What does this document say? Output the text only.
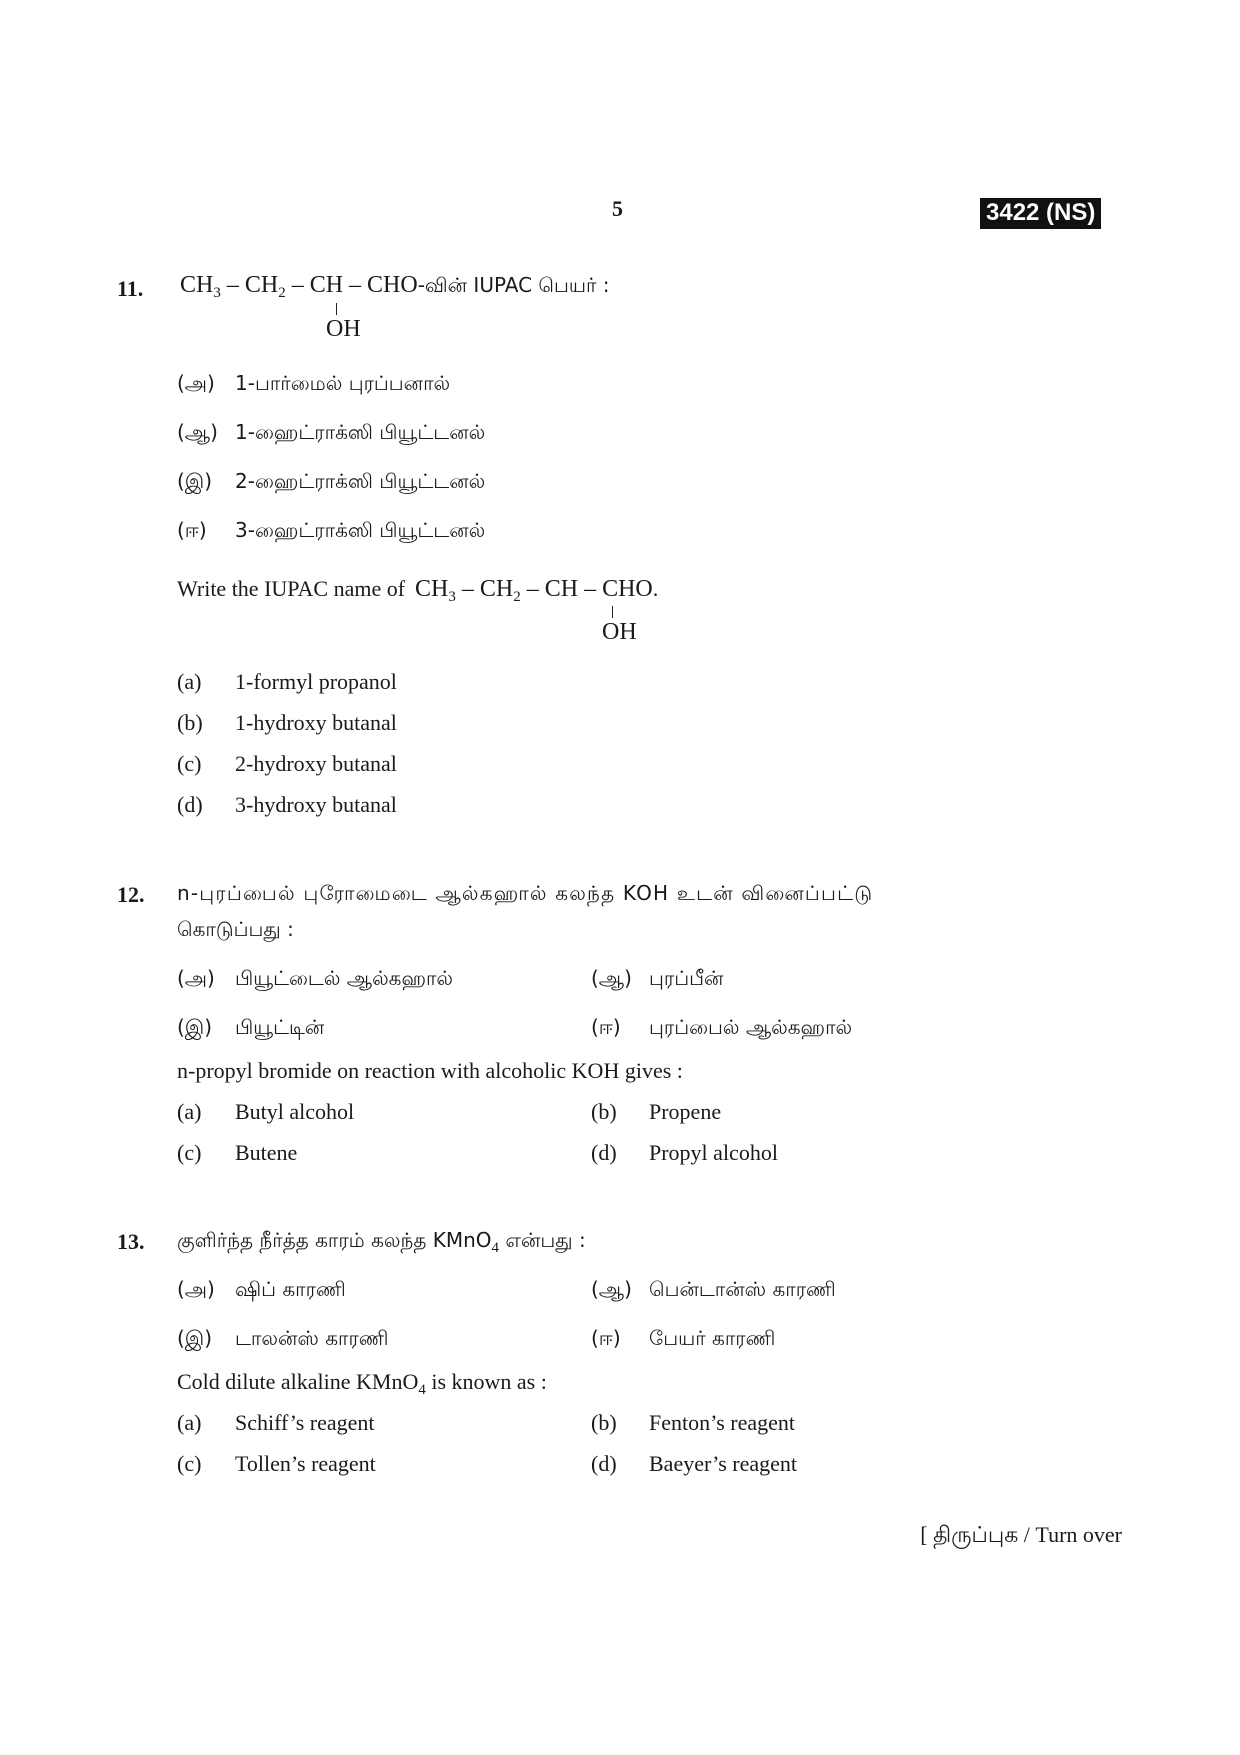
5	3422 (NS)
11. $CH_3 - CH_2$ – CH – CHO-வின் IUPAC பெயர் :
OH
(அ) 1-பார்மைல் புரப்பனால்
(ஆ) 1-ஹைட்ராக்ஸி பியூட்டனல்
(இ) 2-ஹைட்ராக்ஸி பியூட்டனல்
(ஈ) 3-ஹைட்ராக்ஸி பியூட்டனல்
Write the IUPAC name of $CH_3 - CH_2$ – CH – CHO.
OH
(a) 1-formyl propanol
(b) 1-hydroxy butanal
(c) 2-hydroxy butanal
(d) 3-hydroxy butanal
12. n-புரப்பைல் புரோமைடை ஆல்கஹால் கலந்த KOH உடன் வினைப்பட்டு
கொடுப்பது :
(அ) பியூட்டைல் ஆல்கஹால்	(ஆ) புரப்பீன்
(இ) பியூட்டின்	(ஈ) புரப்பைல் ஆல்கஹால்
n-propyl bromide on reaction with alcoholic KOH gives :
(a) Butyl alcohol	(b) Propene
(c) Butene	(d) Propyl alcohol
13. குளிர்ந்த நீர்த்த காரம் கலந்த KMnO$_4$ என்பது :
(அ) ஷிப் காரணி	(ஆ) பென்டான்ஸ் காரணி
(இ) டாலன்ஸ் காரணி	(ஈ) பேயர் காரணி
Cold dilute alkaline KMnO$_4$ is known as :
(a) Schiff’s reagent	(b) Fenton’s reagent
(c) Tollen’s reagent	(d) Baeyer’s reagent
[ திருப்புக / Turn over
